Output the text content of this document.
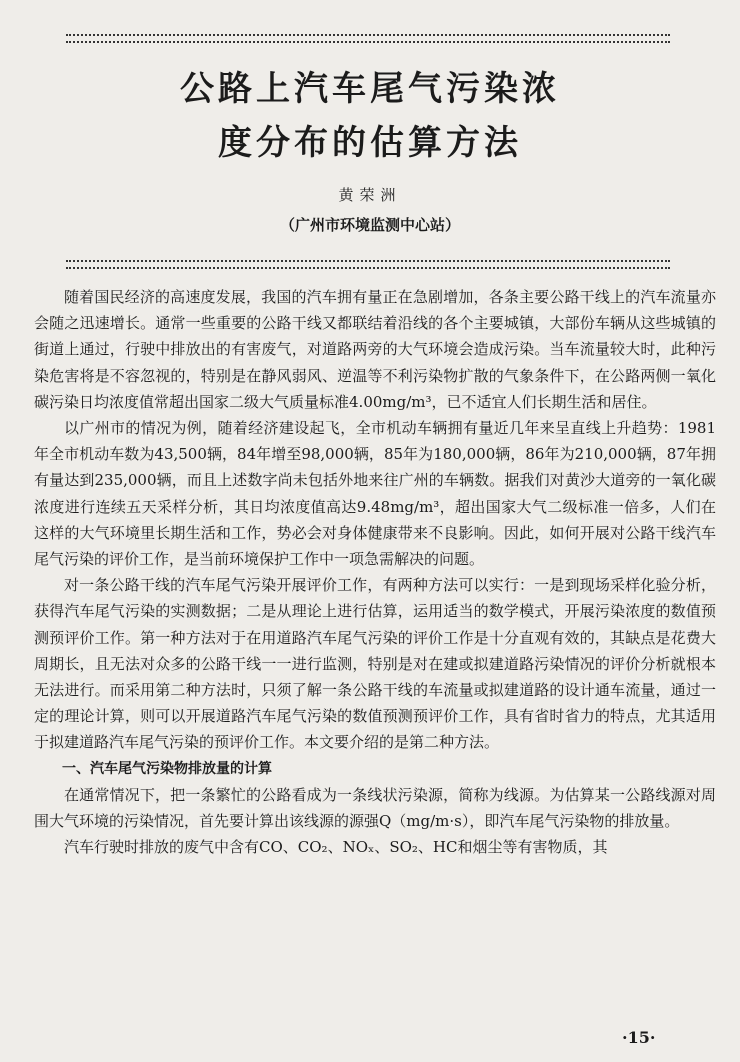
公路上汽车尾气污染浓
度分布的估算方法
黄荣洲
（广州市环境监测中心站）

随着国民经济的高速度发展，我国的汽车拥有量正在急剧增加，各条主要公路干线上的汽车流量亦会随之迅速增长。通常一些重要的公路干线又都联结着沿线的各个主要城镇，大部份车辆从这些城镇的街道上通过，行驶中排放出的有害废气，对道路两旁的大气环境会造成污染。当车流量较大时，此种污染危害将是不容忽视的，特别是在静风弱风、逆温等不利污染物扩散的气象条件下，在公路两侧一氧化碳污染日均浓度值常超出国家二级大气质量标准4.00mg/m³，已不适宜人们长期生活和居住。

以广州市的情况为例，随着经济建设起飞，全市机动车辆拥有量近几年来呈直线上升趋势：1981年全市机动车数为43,500辆，84年增至98,000辆，85年为180,000辆，86年为210,000辆，87年拥有量达到235,000辆，而且上述数字尚未包括外地来往广州的车辆数。据我们对黄沙大道旁的一氧化碳浓度进行连续五天采样分析，其日均浓度值高达9.48mg/m³，超出国家大气二级标准一倍多，人们在这样的大气环境里长期生活和工作，势必会对身体健康带来不良影响。因此，如何开展对公路干线汽车尾气污染的评价工作，是当前环境保护工作中一项急需解决的问题。

对一条公路干线的汽车尾气污染开展评价工作，有两种方法可以实行：一是到现场采样化验分析，获得汽车尾气污染的实测数据；二是从理论上进行估算，运用适当的数学模式，开展污染浓度的数值预测预评价工作。第一种方法对于在用道路汽车尾气污染的评价工作是十分直观有效的，其缺点是花费大周期长，且无法对众多的公路干线一一进行监测，特别是对在建或拟建道路污染情况的评价分析就根本无法进行。而采用第二种方法时，只须了解一条公路干线的车流量或拟建道路的设计通车流量，通过一定的理论计算，则可以开展道路汽车尾气污染的数值预测预评价工作，具有省时省力的特点，尤其适用于拟建道路汽车尾气污染的预评价工作。本文要介绍的是第二种方法。

一、汽车尾气污染物排放量的计算

在通常情况下，把一条繁忙的公路看成为一条线状污染源，简称为线源。为估算某一公路线源对周围大气环境的污染情况，首先要计算出该线源的源强Q（mg/m·s），即汽车尾气污染物的排放量。

汽车行驶时排放的废气中含有CO、CO₂、NOₓ、SO₂、HC和烟尘等有害物质，其

·15·
